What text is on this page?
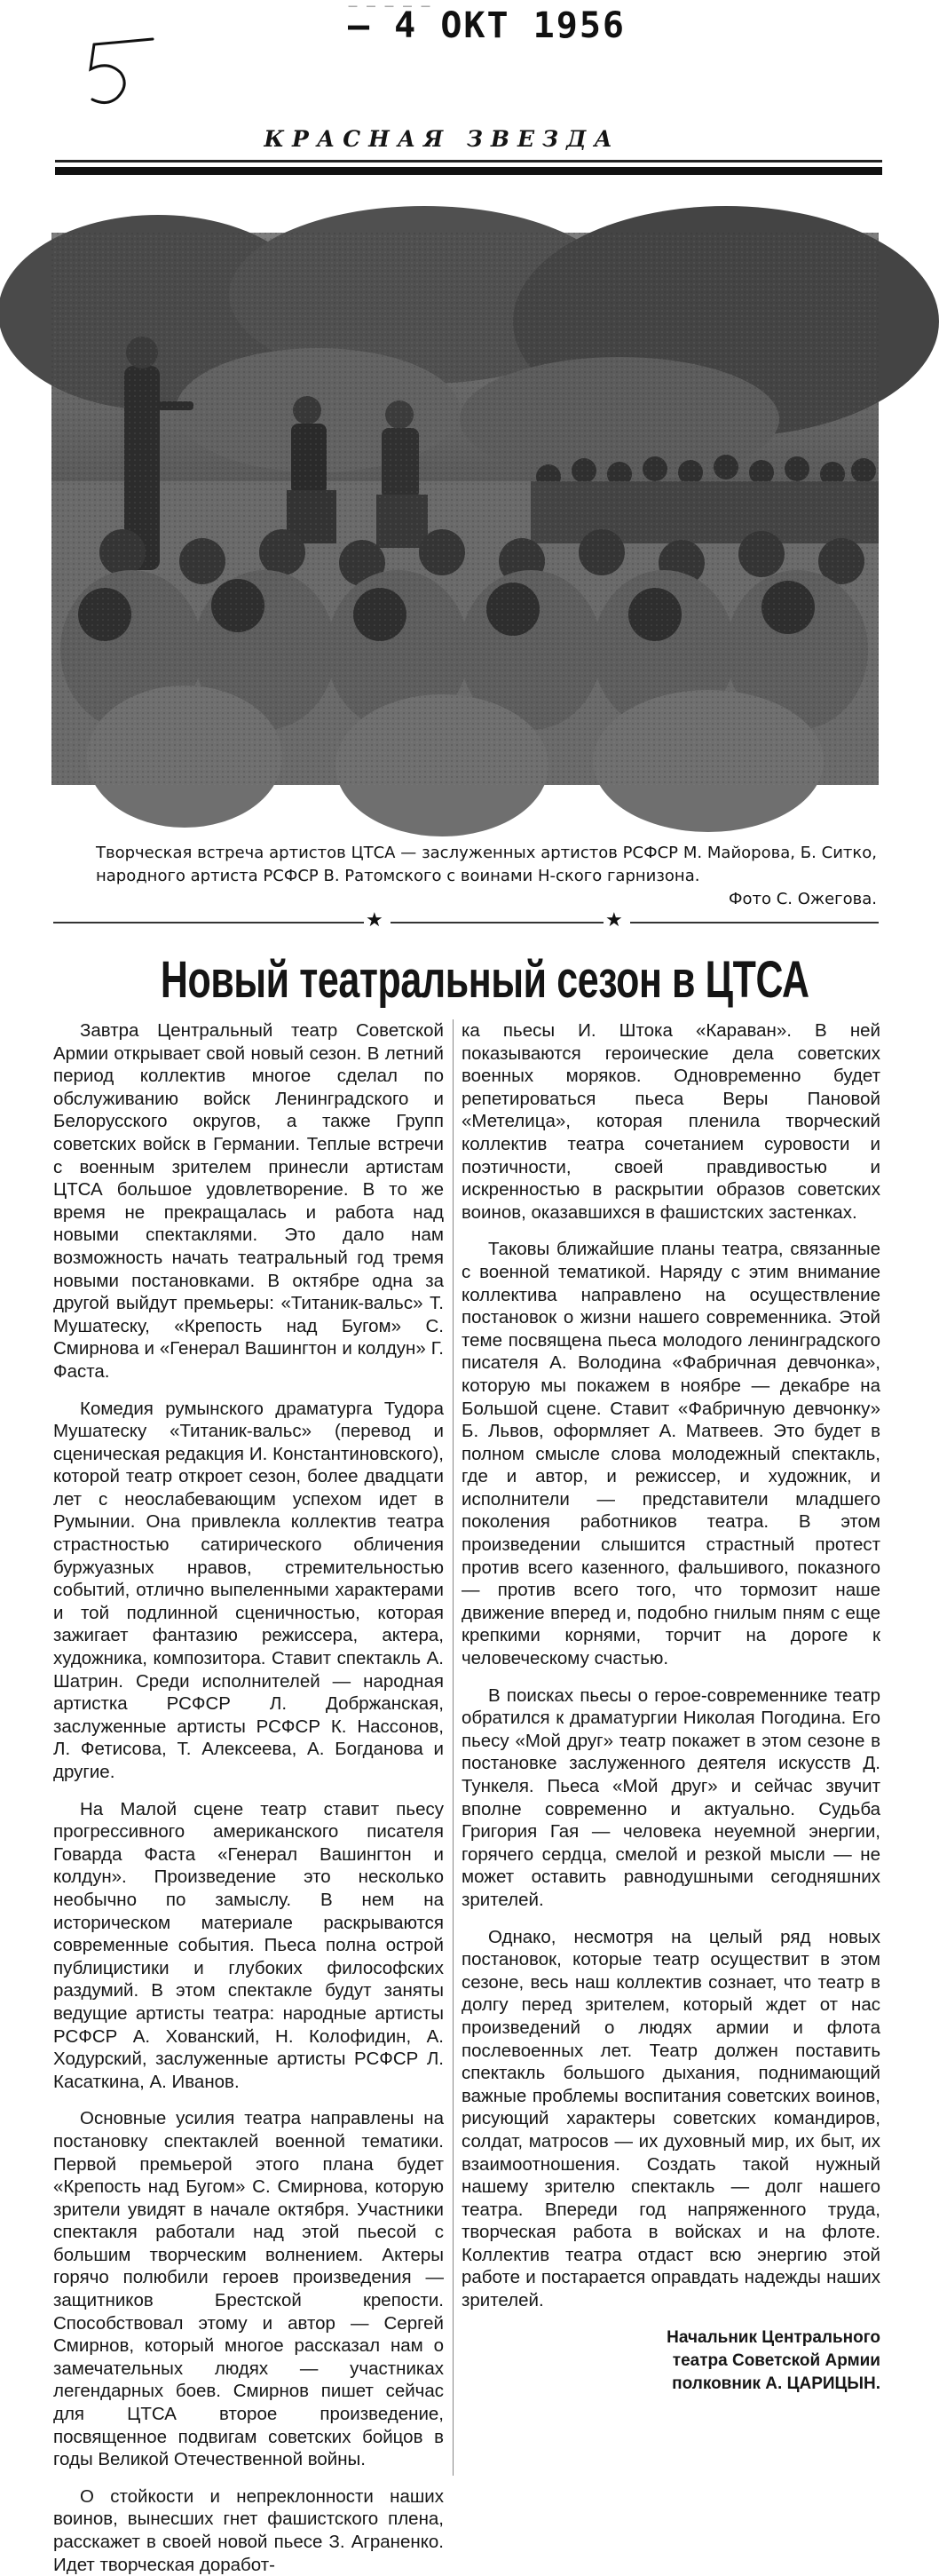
— — — — —
— 4 ОКТ 1956
КРАСНАЯ ЗВЕЗДА
Творческая встреча артистов ЦТСА — заслуженных артистов РСФСР М. Майорова, Б. Ситко, народного артиста РСФСР В. Ратомского с воинами Н-ского гарнизона.
Фото С. Ожегова.
★	★
Новый театральный сезон в ЦТСА

Завтра Центральный театр Советской Армии открывает свой новый сезон. В летний период коллектив многое сделал по обслуживанию войск Ленинградского и Белорусского округов, а также Групп советских войск в Германии. Теплые встречи с военным зрителем принесли артистам ЦТСА большое удовлетворение. В то же время не прекращалась и работа над новыми спектаклями. Это дало нам возможность начать театральный год тремя новыми постановками. В октябре одна за другой выйдут премьеры: «Титаник-вальс» Т. Мушатеску, «Крепость над Бугом» С. Смирнова и «Генерал Вашингтон и колдун» Г. Фаста.

Комедия румынского драматурга Тудора Мушатеску «Титаник-вальс» (перевод и сценическая редакция И. Константиновского), которой театр откроет сезон, более двадцати лет с неослабевающим успехом идет в Румынии. Она привлекла коллектив театра страстностью сатирического обличения буржуазных нравов, стремительностью событий, отлично выпеленными характерами и той подлинной сценичностью, которая зажигает фантазию режиссера, актера, художника, композитора. Ставит спектакль А. Шатрин. Среди исполнителей — народная артистка РСФСР Л. Добржанская, заслуженные артисты РСФСР К. Нассонов, Л. Фетисова, Т. Алексеева, А. Богданова и другие.

На Малой сцене театр ставит пьесу прогрессивного американского писателя Говарда Фаста «Генерал Вашингтон и колдун». Произведение это несколько необычно по замыслу. В нем на историческом материале раскрываются современные события. Пьеса полна острой публицистики и глубоких философских раздумий. В этом спектакле будут заняты ведущие артисты театра: народные артисты РСФСР А. Хованский, Н. Колофидин, А. Ходурский, заслуженные артисты РСФСР Л. Касаткина, А. Иванов.

Основные усилия театра направлены на постановку спектаклей военной тематики. Первой премьерой этого плана будет «Крепость над Бугом» С. Смирнова, которую зрители увидят в начале октября. Участники спектакля работали над этой пьесой с большим творческим волнением. Актеры горячо полюбили героев произведения — защитников Брестской крепости. Способствовал этому и автор — Сергей Смирнов, который многое рассказал нам о замечательных людях — участниках легендарных боев. Смирнов пишет сейчас для ЦТСА второе произведение, посвященное подвигам советских бойцов в годы Великой Отечественной войны.

О стойкости и непреклонности наших воинов, вынесших гнет фашистского плена, расскажет в своей новой пьесе З. Аграненко. Идет творческая доработ-

ка пьесы И. Штока «Караван». В ней показываются героические дела советских военных моряков. Одновременно будет репетироваться пьеса Веры Пановой «Метелица», которая пленила творческий коллектив театра сочетанием суровости и поэтичности, своей правдивостью и искренностью в раскрытии образов советских воинов, оказавшихся в фашистских застенках.

Таковы ближайшие планы театра, связанные с военной тематикой. Наряду с этим внимание коллектива направлено на осуществление постановок о жизни нашего современника. Этой теме посвящена пьеса молодого ленинградского писателя А. Володина «Фабричная девчонка», которую мы покажем в ноябре — декабре на Большой сцене. Ставит «Фабричную девчонку» Б. Львов, оформляет А. Матвеев. Это будет в полном смысле слова молодежный спектакль, где и автор, и режиссер, и художник, и исполнители — представители младшего поколения работников театра. В этом произведении слышится страстный протест против всего казенного, фальшивого, показного — против всего того, что тормозит наше движение вперед и, подобно гнилым пням с еще крепкими корнями, торчит на дороге к человеческому счастью.

В поисках пьесы о герое-современнике театр обратился к драматургии Николая Погодина. Его пьесу «Мой друг» театр покажет в этом сезоне в постановке заслуженного деятеля искусств Д. Тункеля. Пьеса «Мой друг» и сейчас звучит вполне современно и актуально. Судьба Григория Гая — человека неуемной энергии, горячего сердца, смелой и резкой мысли — не может оставить равнодушными сегодняшних зрителей.

Однако, несмотря на целый ряд новых постановок, которые театр осуществит в этом сезоне, весь наш коллектив сознает, что театр в долгу перед зрителем, который ждет от нас произведений о людях армии и флота послевоенных лет. Театр должен поставить спектакль большого дыхания, поднимающий важные проблемы воспитания советских воинов, рисующий характеры советских командиров, солдат, матросов — их духовный мир, их быт, их взаимоотношения. Создать такой нужный нашему зрителю спектакль — долг нашего театра. Впереди год напряженного труда, творческая работа в войсках и на флоте. Коллектив театра отдаст всю энергию этой работе и постарается оправдать надежды наших зрителей.

Начальник Центрального
театра Советской Армии
полковник А. ЦАРИЦЫН.
